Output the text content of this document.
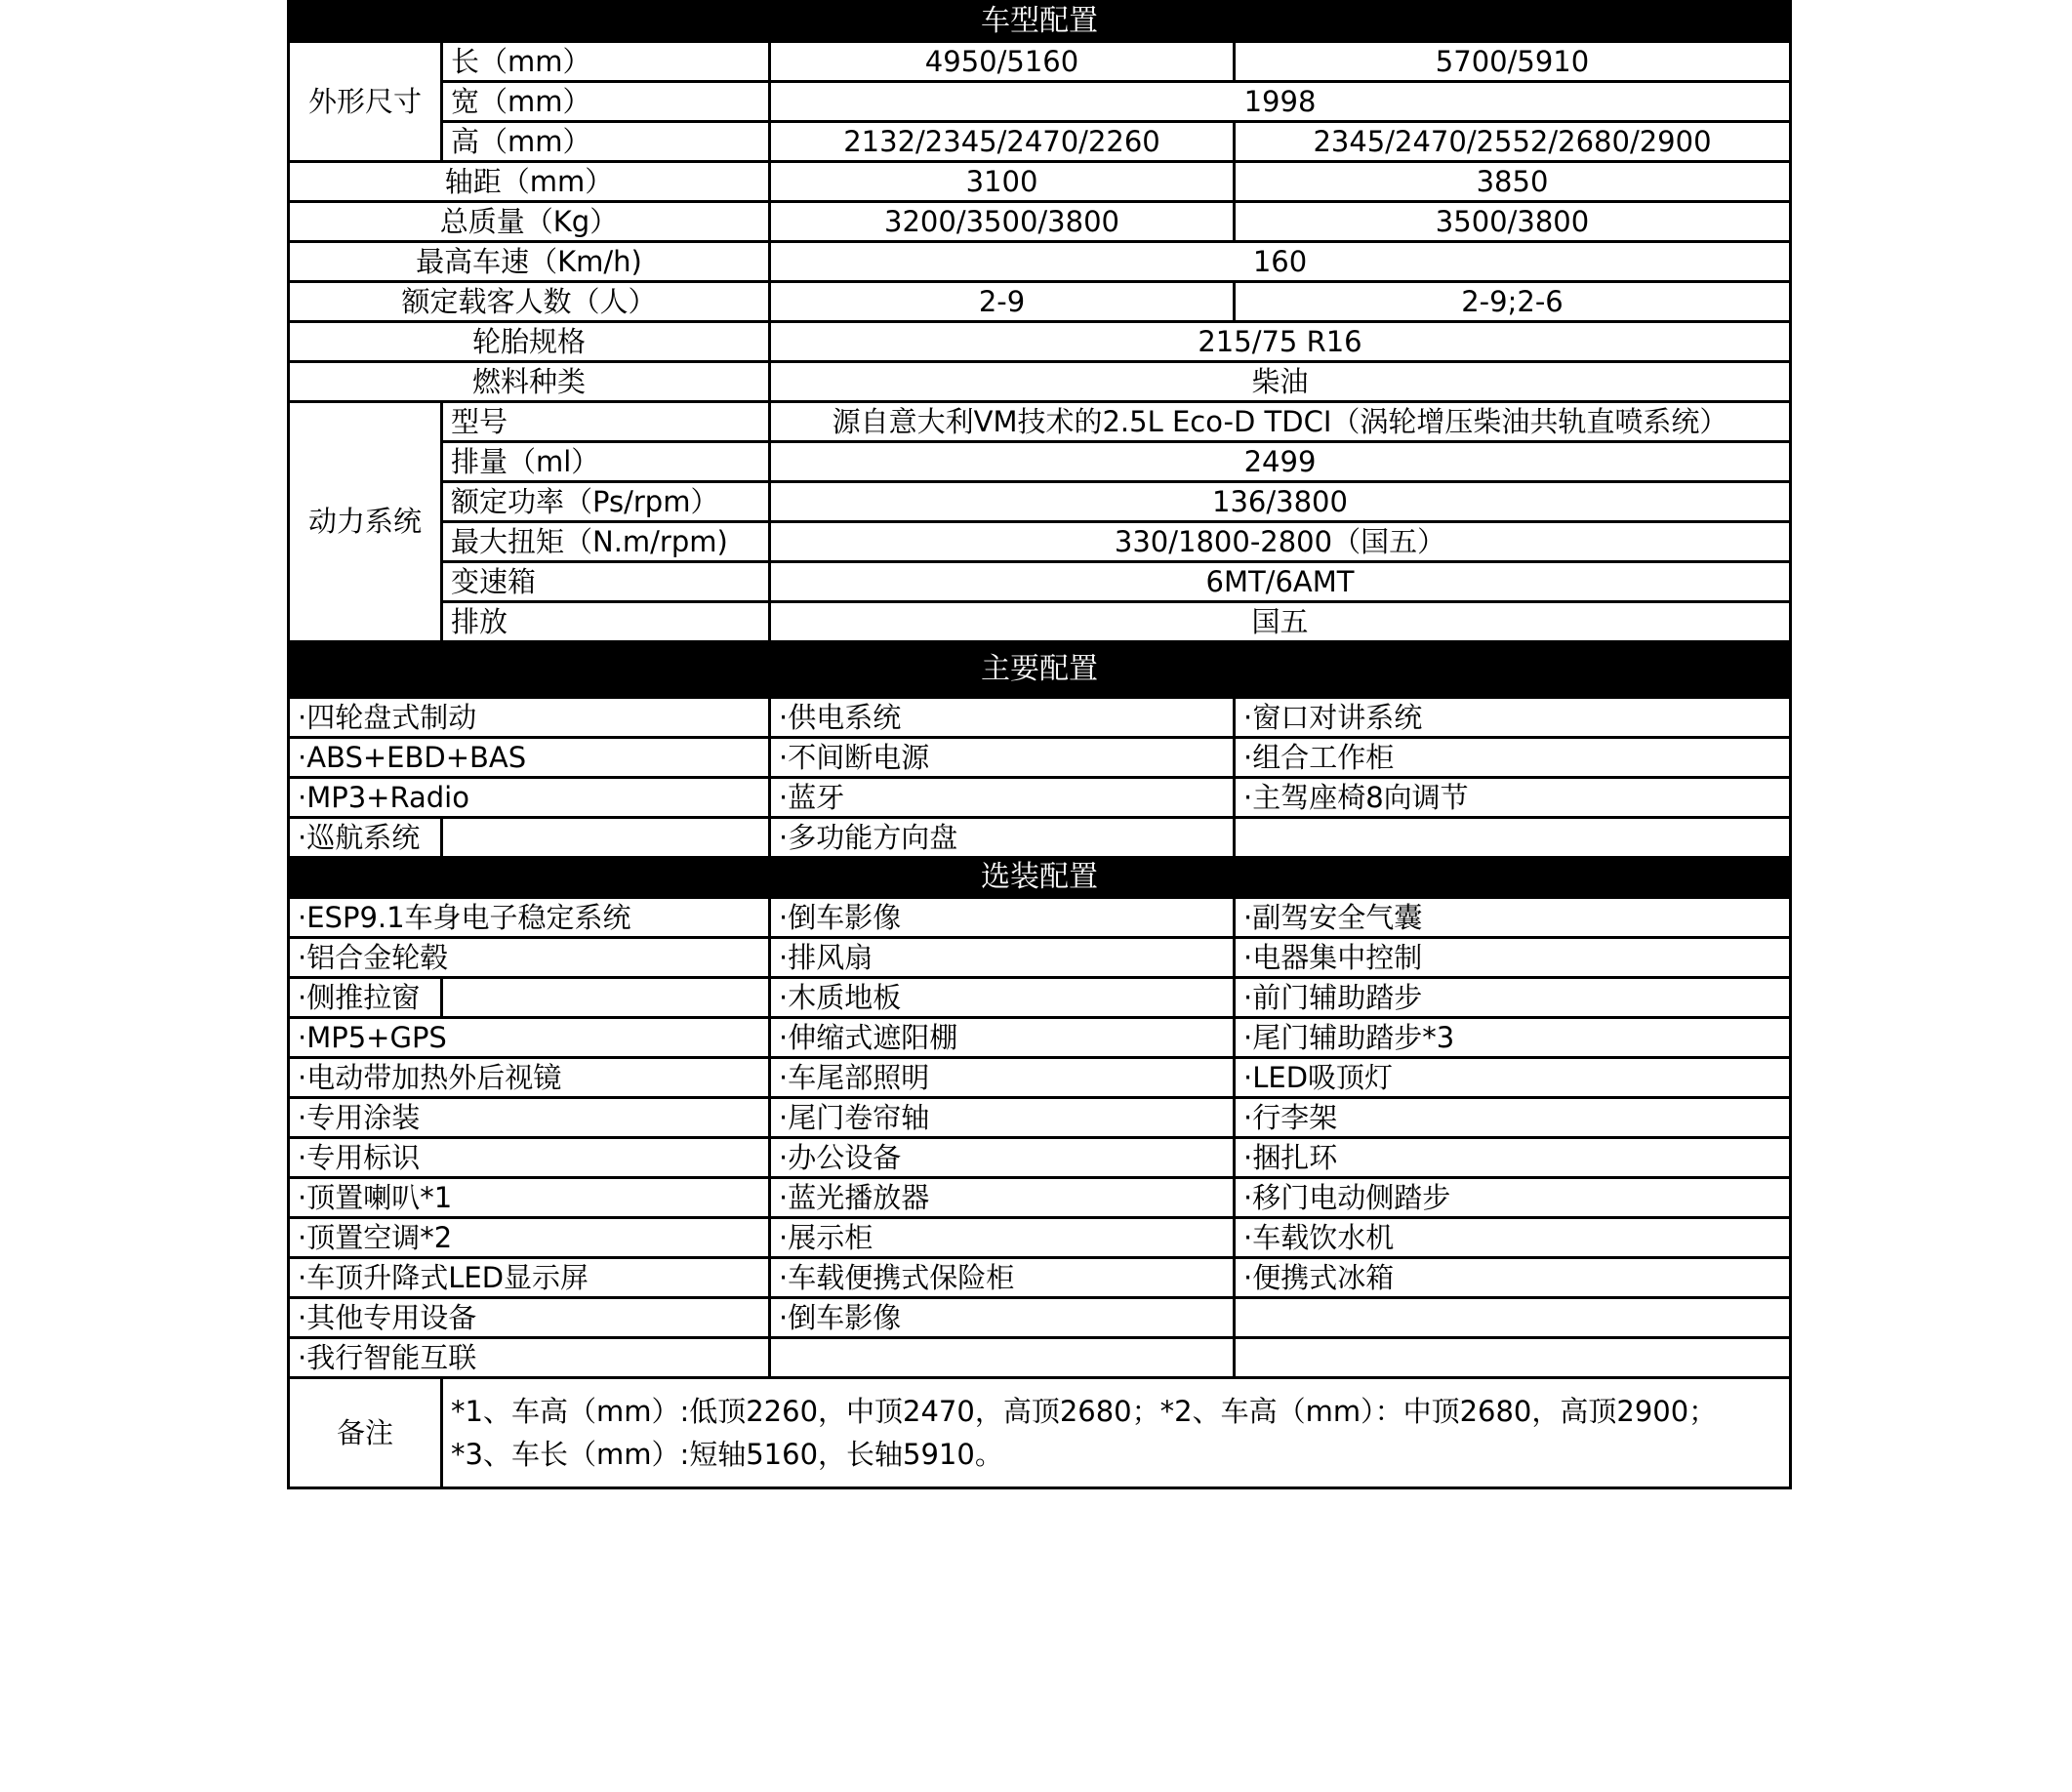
车型配置			
外形尺寸	长（mm）	4950/5160	5700/5910
	宽（mm）	1998	
	高（mm）	2132/2345/2470/2260	2345/2470/2552/2680/2900
轴距（mm）		3100	3850
总质量（Kg）		3200/3500/3800	3500/3800
最高车速（Km/h)		160	
额定载客人数（人）		2-9	2-9;2-6
轮胎规格		215/75 R16	
燃料种类		柴油	
动力系统	型号	源自意大利VM技术的2.5L Eco-D TDCI（涡轮增压柴油共轨直喷系统）	
	排量（ml）	2499	
	额定功率（Ps/rpm）	136/3800	
	最大扭矩（N.m/rpm)	330/1800-2800（国五）	
	变速箱	6MT/6AMT	
	排放	国五	
主要配置			
·四轮盘式制动		·供电系统	·窗口对讲系统
·ABS+EBD+BAS		·不间断电源	·组合工作柜
·MP3+Radio		·蓝牙	·主驾座椅8向调节
·巡航系统		·多功能方向盘	
选装配置			
·ESP9.1车身电子稳定系统		·倒车影像	·副驾安全气囊
·铝合金轮毂		·排风扇	·电器集中控制
·侧推拉窗		·木质地板	·前门辅助踏步
·MP5+GPS		·伸缩式遮阳棚	·尾门辅助踏步*3
·电动带加热外后视镜		·车尾部照明	·LED吸顶灯
·专用涂装		·尾门卷帘轴	·行李架
·专用标识		·办公设备	·捆扎环
·顶置喇叭*1		·蓝光播放器	·移门电动侧踏步
·顶置空调*2		·展示柜	·车载饮水机
·车顶升降式LED显示屏		·车载便携式保险柜	·便携式冰箱
·其他专用设备		·倒车影像	
·我行智能互联			
备注	*1、车高（mm）:低顶2260，中顶2470，高顶2680；*2、车高（mm）：中顶2680，高顶2900；
*3、车长（mm）:短轴5160，长轴5910。		
